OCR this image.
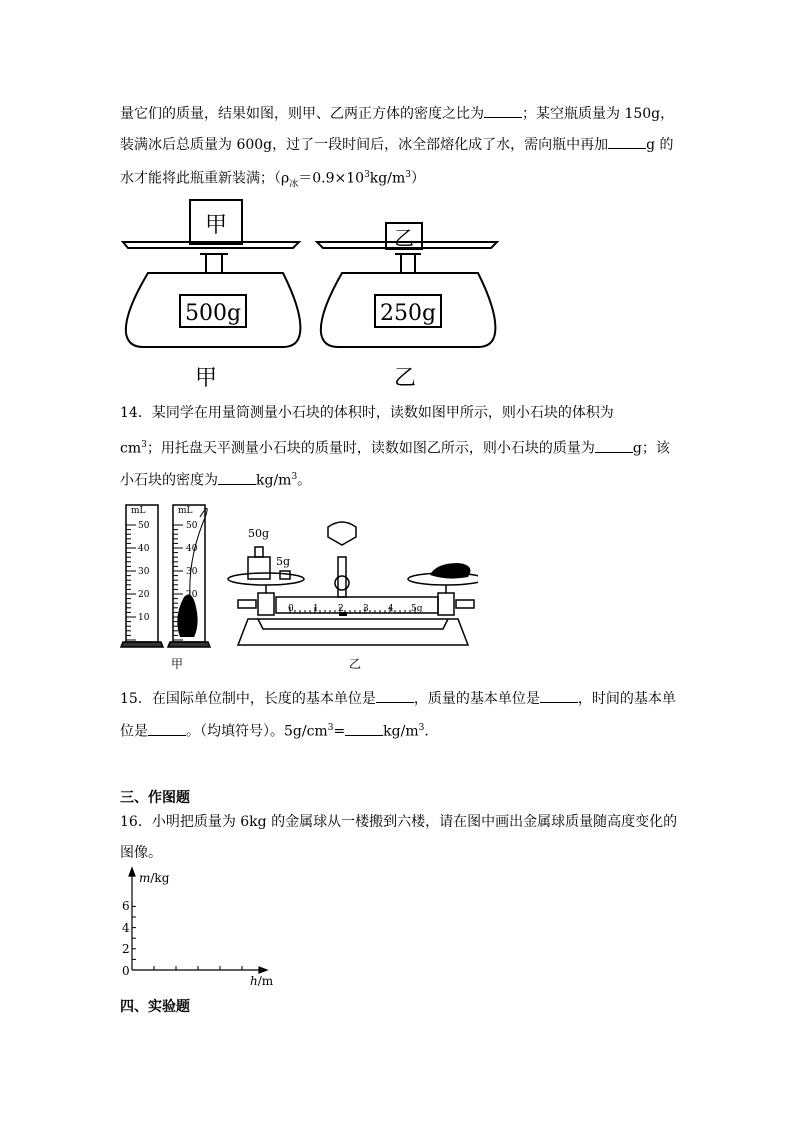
量它们的质量，结果如图，则甲、乙两正方体的密度之比为	；某空瓶质量为 150g，
装满冰后总质量为 600g，过了一段时间后，冰全部熔化成了水，需向瓶中再加	g 的
水才能将此瓶重新装满；$(\rho_冰=0.9\times 10^3kg/m^3)$
甲
500g
甲
乙
250g
乙
14．某同学在用量筒测量小石块的体积时，读数如图甲所示，则小石块的体积为
$cm^3$；用托盘天平测量小石块的质量时，读数如图乙所示，则小石块的质量为	g；该
小石块的密度为	$kg/m^3$。
mL
50
40
30
20
10
mL
50
40
30
20
10
甲
50g
5g
0 1 2 3 4 5g
乙
15．在国际单位制中，长度的基本单位是	，质量的基本单位是	，时间的基本单
位是	。（均填符号）。$5g/cm^3=$	$kg/m^3$.
三、作图题
16．小明把质量为 6kg 的金属球从一楼搬到六楼，请在图中画出金属球质量随高度变化的
图像。
m/kg
h/m
6
4
2
0
四、实验题
